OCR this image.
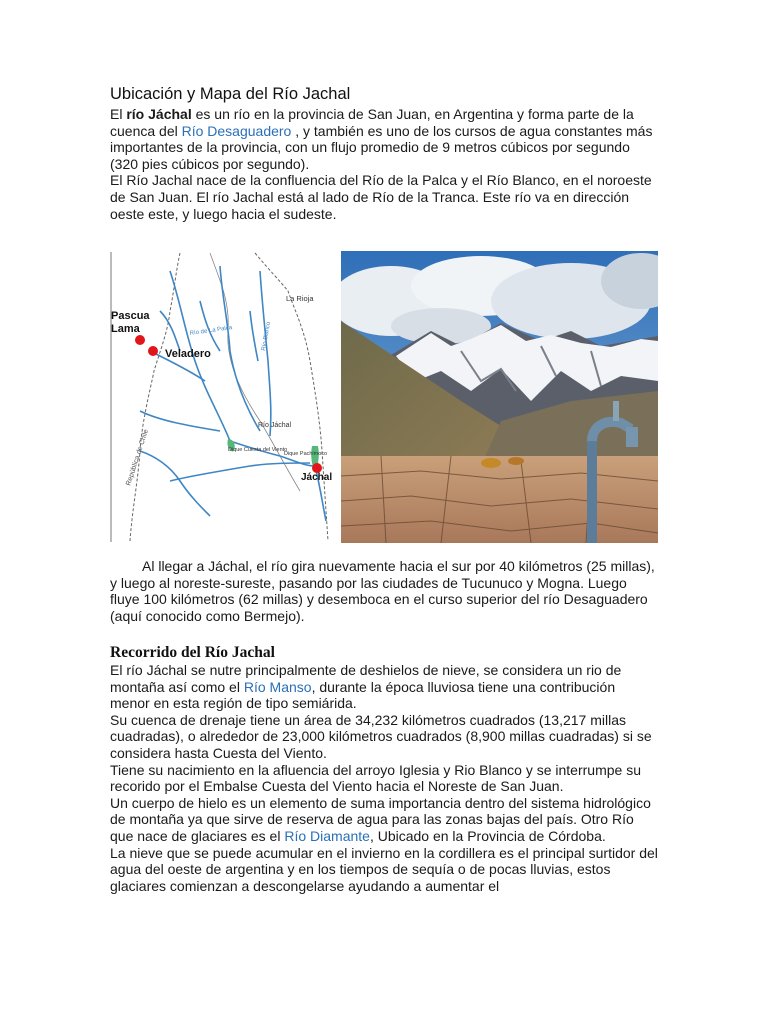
Ubicación y Mapa del Río Jachal

El río Jáchal es un río en la provincia de San Juan, en Argentina y forma parte de la cuenca del Río Desaguadero , y también es uno de los cursos de agua constantes más importantes de la provincia, con un flujo promedio de 9 metros cúbicos por segundo (320 pies cúbicos por segundo).

El Río Jachal nace de la confluencia del Río de la Palca y el Río Blanco, en el noroeste de San Juan. El río Jachal está al lado de Río de la Tranca. Este río va en dirección oeste este, y luego hacia el sudeste.

Pascua
Lama
Veladero
La Rioja
Río Jáchal
Jáchal
República de Chile
Río Blanco
Río de La Palca
Dique Cuesta del Viento
Dique Pachimoco

Al llegar a Jáchal, el río gira nuevamente hacia el sur por 40 kilómetros (25 millas), y luego al noreste-sureste, pasando por las ciudades de Tucunuco y Mogna. Luego fluye 100 kilómetros (62 millas) y desemboca en el curso superior del río Desaguadero (aquí conocido como Bermejo).

Recorrido del Río Jachal

El río Jáchal se nutre principalmente de deshielos de nieve, se considera un rio de montaña así como el Río Manso, durante la época lluviosa tiene una contribución menor en esta región de tipo semiárida.

Su cuenca de drenaje tiene un área de 34,232 kilómetros cuadrados (13,217 millas cuadradas), o alrededor de 23,000 kilómetros cuadrados (8,900 millas cuadradas) si se considera hasta Cuesta del Viento.

Tiene su nacimiento en la afluencia del arroyo Iglesia y Rio Blanco y se interrumpe su recorido por el Embalse Cuesta del Viento hacia el Noreste de San Juan.

Un cuerpo de hielo es un elemento de suma importancia dentro del sistema hidrológico de montaña ya que sirve de reserva de agua para las zonas bajas del país. Otro Río que nace de glaciares es el Río Diamante, Ubicado en la Provincia de Córdoba.

La nieve que se puede acumular en el invierno en la cordillera es el principal surtidor del agua del oeste de argentina y en los tiempos de sequía o de pocas lluvias, estos glaciares comienzan a descongelarse ayudando a aumentar el
